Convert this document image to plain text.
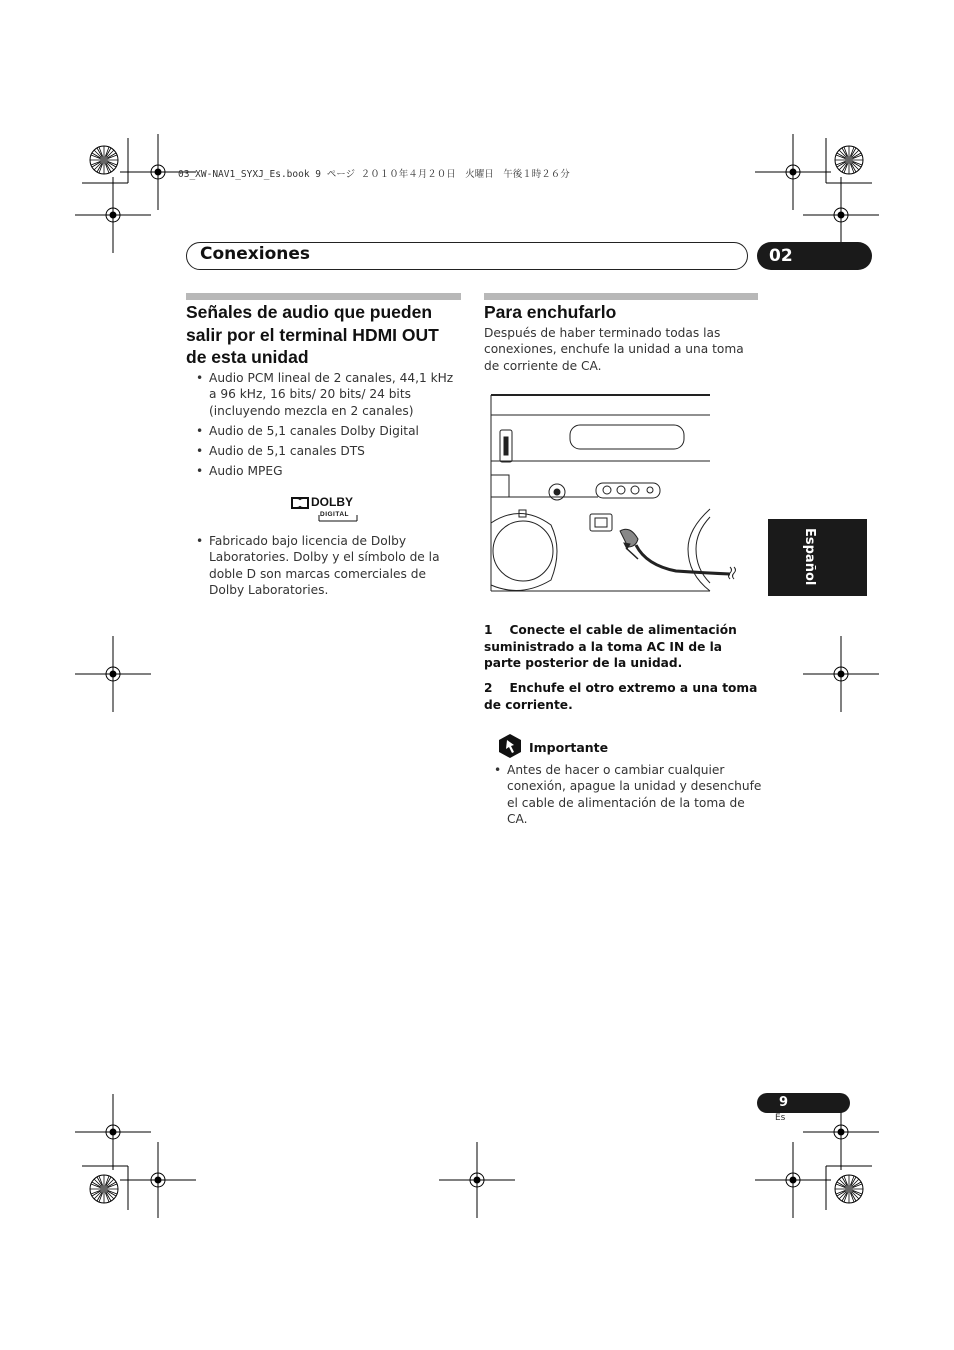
03_XW-NAV1_SYXJ_Es.book 9 ページ ２０１０年４月２０日　火曜日　午後１時２６分
Conexiones	02
Señales de audio que pueden
salir por el terminal HDMI OUT
de esta unidad
• Audio PCM lineal de 2 canales, 44,1 kHz a 96 kHz, 16 bits/ 20 bits/ 24 bits (incluyendo mezcla en 2 canales)
• Audio de 5,1 canales Dolby Digital
• Audio de 5,1 canales DTS
• Audio MPEG
DOLBY
DIGITAL
• Fabricado bajo licencia de Dolby Laboratories. Dolby y el símbolo de la doble D son marcas comerciales de Dolby Laboratories.
Para enchufarlo
Después de haber terminado todas las conexiones, enchufe la unidad a una toma de corriente de CA.
1 Conecte el cable de alimentación suministrado a la toma AC IN de la parte posterior de la unidad.
2 Enchufe el otro extremo a una toma de corriente.
Importante
• Antes de hacer o cambiar cualquier conexión, apague la unidad y desenchufe el cable de alimentación de la toma de CA.
Español
9
Es
